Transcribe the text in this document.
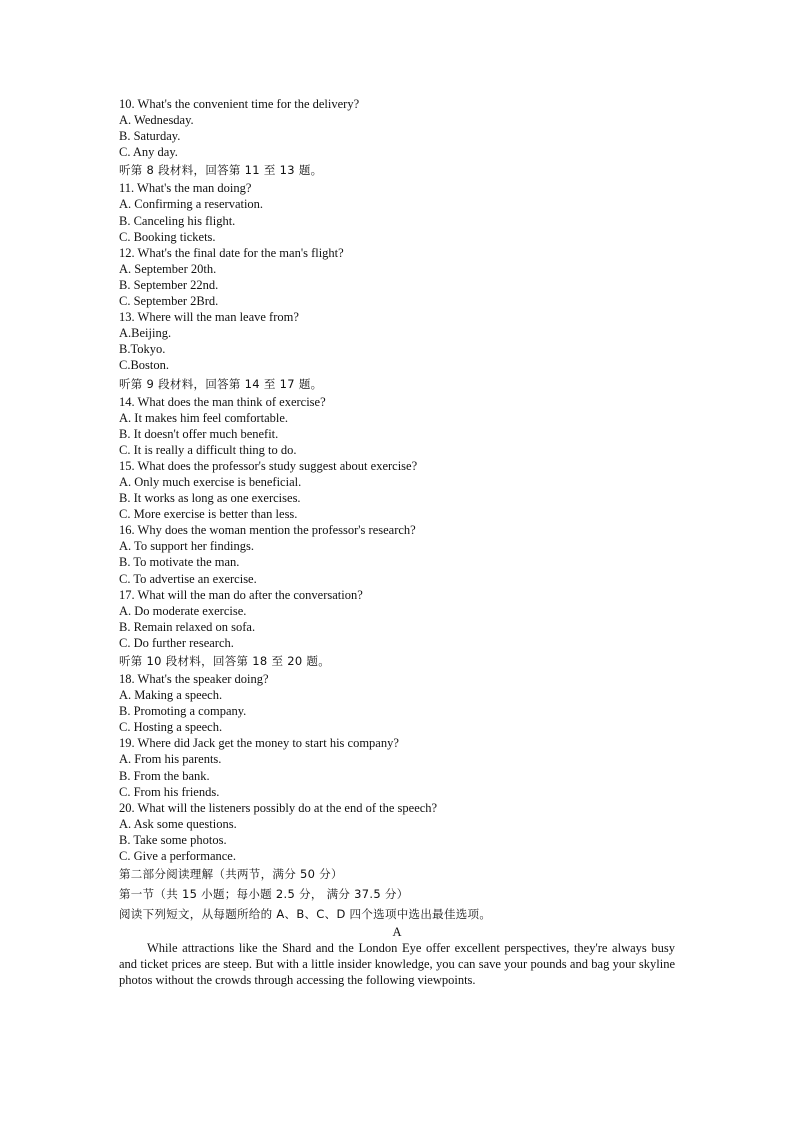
10. What's the convenient time for the delivery?
A. Wednesday.
B. Saturday.
C. Any day.
听第 8 段材料，回答第 11 至 13 题。
11. What's the man doing?
A. Confirming a reservation.
B. Canceling his flight.
C. Booking tickets.
12. What's the final date for the man's flight?
A. September 20th.
B. September 22nd.
C. September 2Brd.
13. Where will the man leave from?
A.Beijing.
B.Tokyo.
C.Boston.
听第 9 段材料，回答第 14 至 17 题。
14. What does the man think of exercise?
A. It makes him feel comfortable.
B. It doesn't offer much benefit.
C. It is really a difficult thing to do.
15. What does the professor's study suggest about exercise?
A. Only much exercise is beneficial.
B. It works as long as one exercises.
C. More exercise is better than less.
16. Why does the woman mention the professor's research?
A. To support her findings.
B. To motivate the man.
C. To advertise an exercise.
17. What will the man do after the conversation?
A. Do moderate exercise.
B. Remain relaxed on sofa.
C. Do further research.
听第 10 段材料，回答第 18 至 20 题。
18. What's the speaker doing?
A. Making a speech.
B. Promoting a company.
C. Hosting a speech.
19. Where did Jack get the money to start his company?
A. From his parents.
B. From the bank.
C. From his friends.
20. What will the listeners possibly do at the end of the speech?
A. Ask some questions.
B. Take some photos.
C. Give a performance.
第二部分阅读理解（共两节，满分 50 分）
第一节（共 15 小题；每小题 2.5 分， 满分 37.5 分）
阅读下列短文，从每题所给的 A、B、C、D 四个选项中选出最佳选项。
A

While attractions like the Shard and the London Eye offer excellent perspectives, they're always busy and ticket prices are steep. But with a little insider knowledge, you can save your pounds and bag your skyline photos without the crowds through accessing the following viewpoints.
